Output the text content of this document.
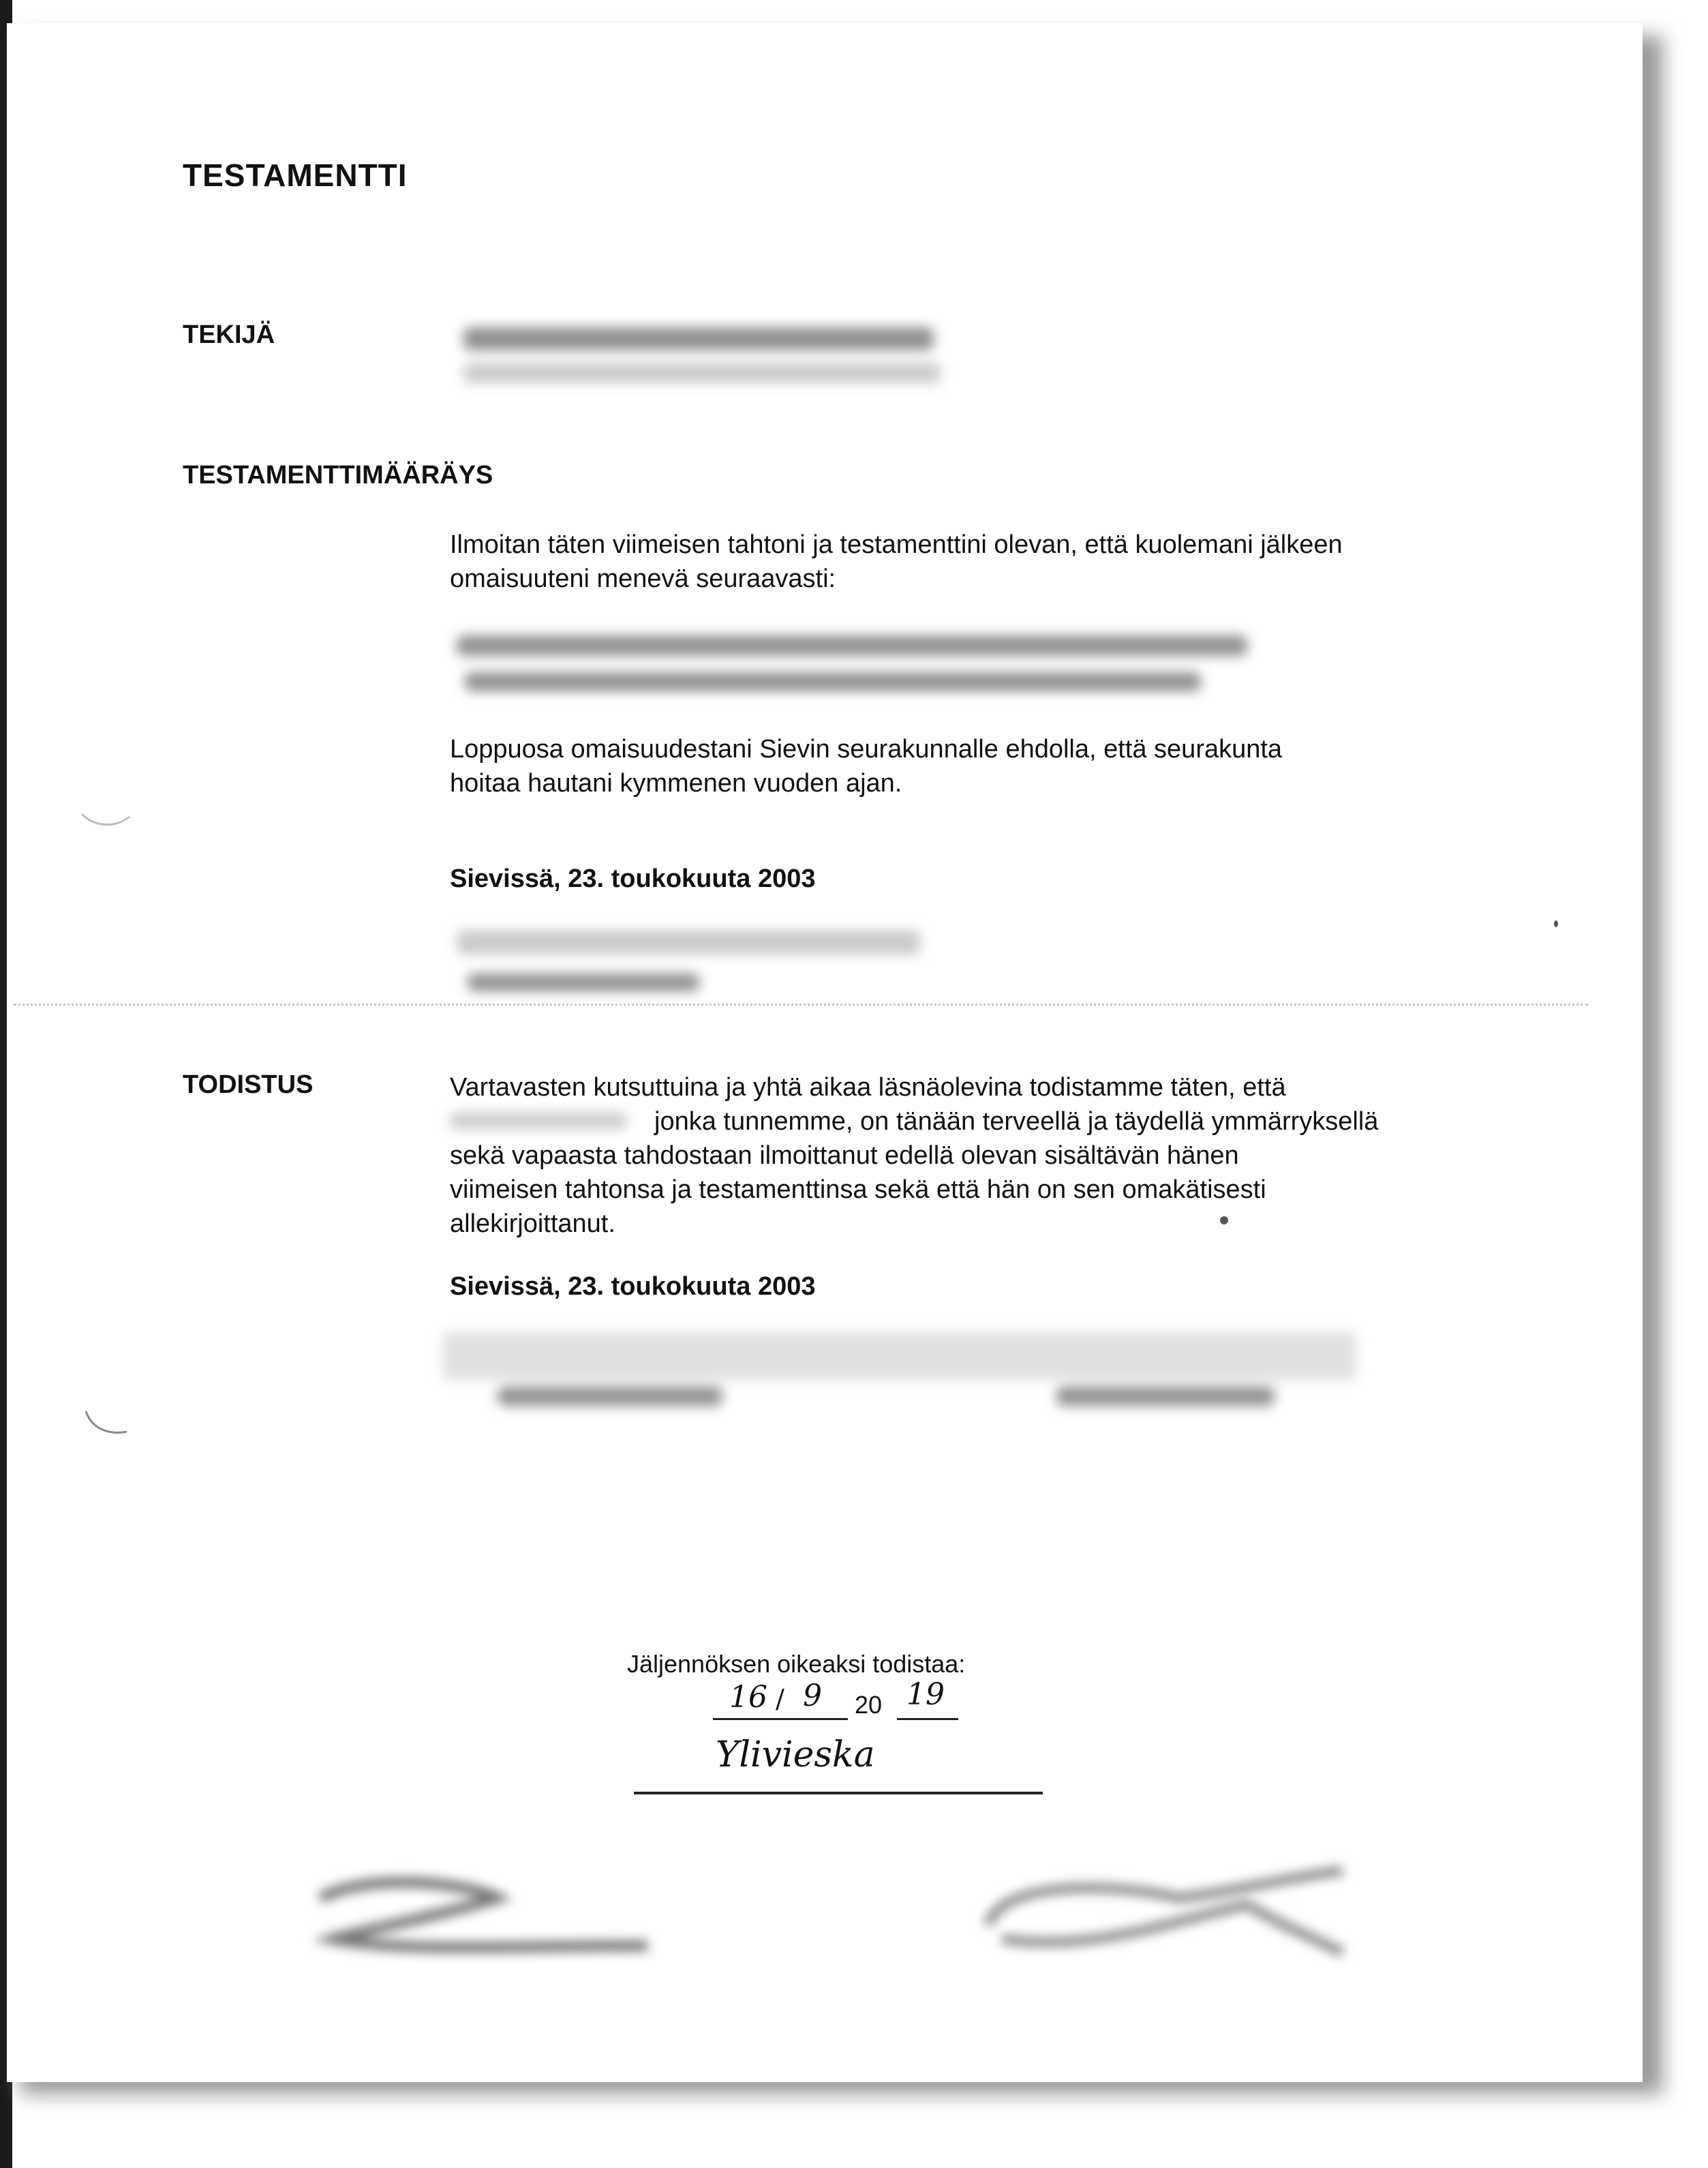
TESTAMENTTI
TEKIJÄ
TESTAMENTTIMÄÄRÄYS
Ilmoitan täten viimeisen tahtoni ja testamenttini olevan, että kuolemani jälkeen
omaisuuteni menevä seuraavasti:
Loppuosa omaisuudestani Sievin seurakunnalle ehdolla, että seurakunta
hoitaa hautani kymmenen vuoden ajan.
Sievissä, 23. toukokuuta 2003
TODISTUS	Vartavasten kutsuttuina ja yhtä aikaa läsnäolevina todistamme täten, että
jonka tunnemme, on tänään terveellä ja täydellä ymmärryksellä
sekä vapaasta tahdostaan ilmoittanut edellä olevan sisältävän hänen
viimeisen tahtonsa ja testamenttinsa sekä että hän on sen omakätisesti
allekirjoittanut.
Sievissä, 23. toukokuuta 2003
Jäljennöksen oikeaksi todistaa:
16 / 9 20 19
Ylivieska
